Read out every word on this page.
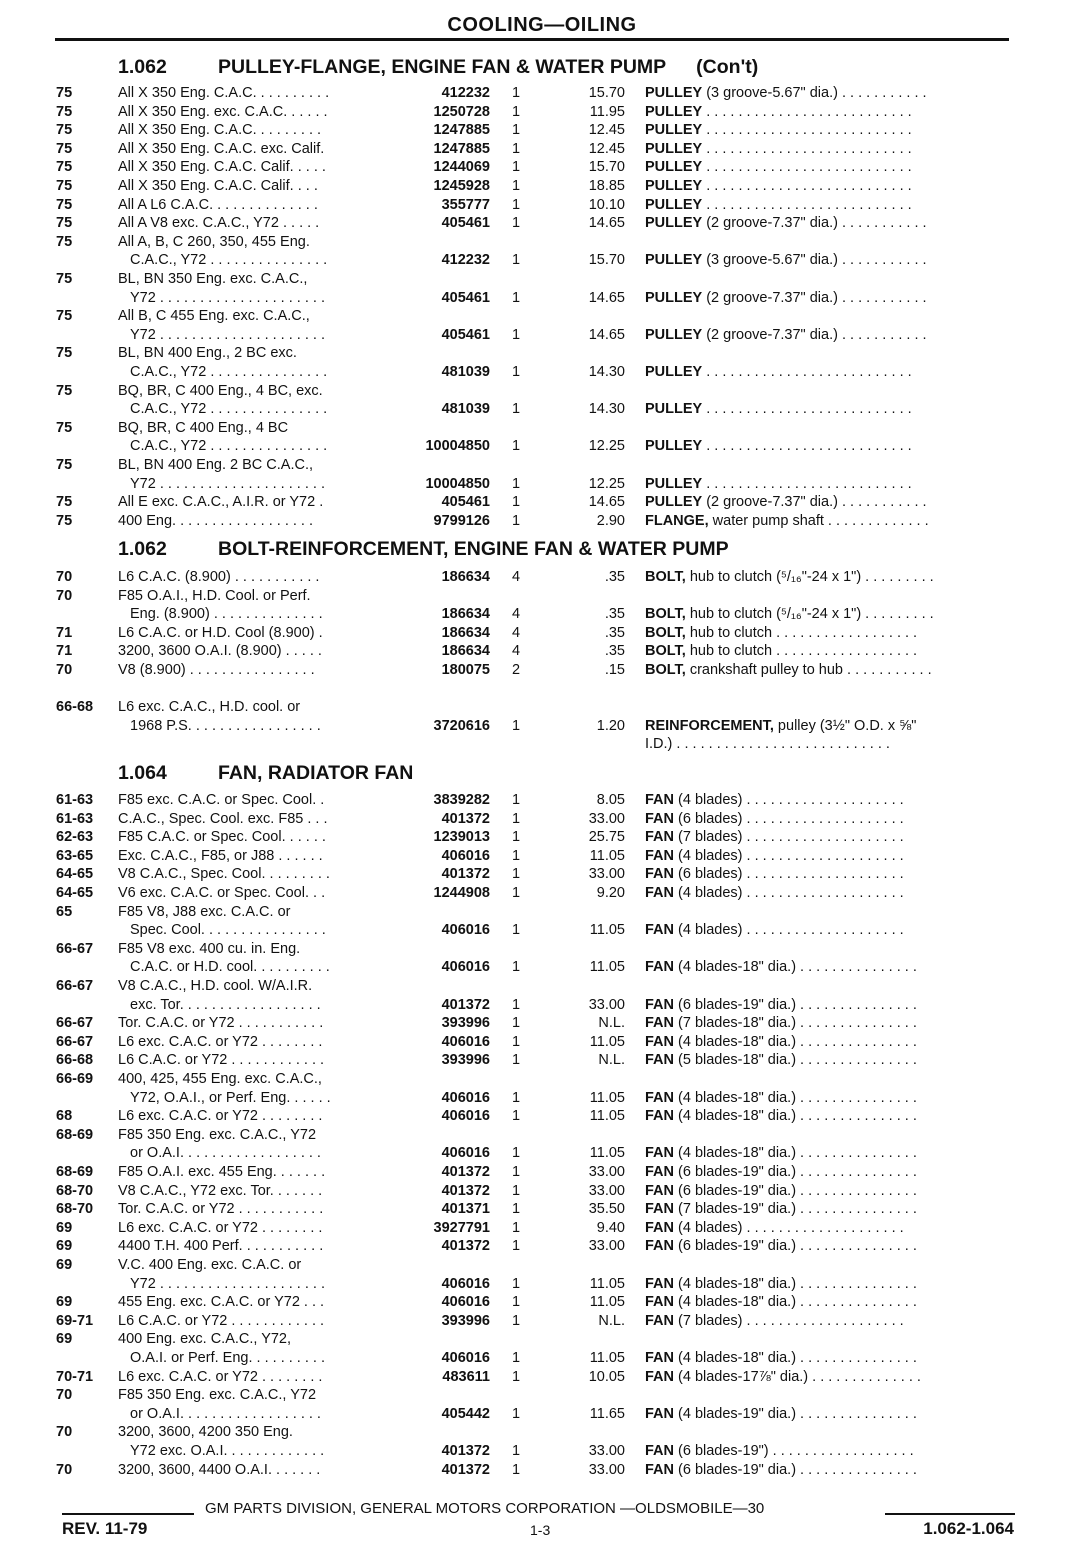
COOLING—OILING
1.062	PULLEY-FLANGE, ENGINE FAN & WATER PUMP (Con't)
75	All X 350 Eng. C.A.C. . . . . . . . . .	412232 1	15.70 PULLEY (3 groove-5.67" dia.) . . . . . . . . . . .
75	All X 350 Eng. exc. C.A.C. . . . . .	1250728 1	11.95 PULLEY . . . . . . . . . . . . . . . . . . . . . . . . . .
75	All X 350 Eng. C.A.C. . . . . . . . .	1247885 1	12.45 PULLEY . . . . . . . . . . . . . . . . . . . . . . . . . .
75	All X 350 Eng. C.A.C. exc. Calif.	1247885 1	12.45 PULLEY . . . . . . . . . . . . . . . . . . . . . . . . . .
75	All X 350 Eng. C.A.C. Calif. . . . .	1244069 1	15.70 PULLEY . . . . . . . . . . . . . . . . . . . . . . . . . .
75	All X 350 Eng. C.A.C. Calif. . . .	1245928 1	18.85 PULLEY . . . . . . . . . . . . . . . . . . . . . . . . . .
75	All A L6 C.A.C. . . . . . . . . . . . . .	355777 1	10.10 PULLEY . . . . . . . . . . . . . . . . . . . . . . . . . .
75	All A V8 exc. C.A.C., Y72 . . . . .	405461 1	14.65 PULLEY (2 groove-7.37" dia.) . . . . . . . . . . .
75	All A, B, C 260, 350, 455 Eng.
C.A.C., Y72 . . . . . . . . . . . . . . .	412232 1	15.70 PULLEY (3 groove-5.67" dia.) . . . . . . . . . . .
75	BL, BN 350 Eng. exc. C.A.C.,
Y72 . . . . . . . . . . . . . . . . . . . . .	405461 1	14.65 PULLEY (2 groove-7.37" dia.) . . . . . . . . . . .
75	All B, C 455 Eng. exc. C.A.C.,
Y72 . . . . . . . . . . . . . . . . . . . . .	405461 1	14.65 PULLEY (2 groove-7.37" dia.) . . . . . . . . . . .
75	BL, BN 400 Eng., 2 BC exc.
C.A.C., Y72 . . . . . . . . . . . . . . .	481039 1	14.30 PULLEY . . . . . . . . . . . . . . . . . . . . . . . . . .
75	BQ, BR, C 400 Eng., 4 BC, exc.
C.A.C., Y72 . . . . . . . . . . . . . . .	481039 1	14.30 PULLEY . . . . . . . . . . . . . . . . . . . . . . . . . .
75	BQ, BR, C 400 Eng., 4 BC
C.A.C., Y72 . . . . . . . . . . . . . . .	10004850 1	12.25 PULLEY . . . . . . . . . . . . . . . . . . . . . . . . . .
75	BL, BN 400 Eng. 2 BC C.A.C.,
Y72 . . . . . . . . . . . . . . . . . . . . .	10004850 1	12.25 PULLEY . . . . . . . . . . . . . . . . . . . . . . . . . .
75	All E exc. C.A.C., A.I.R. or Y72 .	405461 1	14.65 PULLEY (2 groove-7.37" dia.) . . . . . . . . . . .
75	400 Eng. . . . . . . . . . . . . . . . . .	9799126 1	2.90 FLANGE, water pump shaft . . . . . . . . . . . . .
1.062	BOLT-REINFORCEMENT, ENGINE FAN & WATER PUMP
70	L6 C.A.C. (8.900) . . . . . . . . . . .	186634 4	.35 BOLT, hub to clutch (⁵/₁₆"-24 x 1") . . . . . . . . .
70	F85 O.A.I., H.D. Cool. or Perf.
Eng. (8.900) . . . . . . . . . . . . . .	186634 4	.35 BOLT, hub to clutch (⁵/₁₆"-24 x 1") . . . . . . . . .
71	L6 C.A.C. or H.D. Cool (8.900) .	186634 4	.35 BOLT, hub to clutch . . . . . . . . . . . . . . . . . .
71	3200, 3600 O.A.I. (8.900) . . . . .	186634 4	.35 BOLT, hub to clutch . . . . . . . . . . . . . . . . . .
70	V8 (8.900) . . . . . . . . . . . . . . . .	180075 2	.15 BOLT, crankshaft pulley to hub . . . . . . . . . . .
66-68 L6 exc. C.A.C., H.D. cool. or
1968 P.S. . . . . . . . . . . . . . . . .	3720616 1	1.20 REINFORCEMENT, pulley (3½" O.D. x ⅝"
I.D.) . . . . . . . . . . . . . . . . . . . . . . . . . . .
1.064	FAN, RADIATOR FAN
61-63 F85 exc. C.A.C. or Spec. Cool. .	3839282 1	8.05 FAN (4 blades) . . . . . . . . . . . . . . . . . . . .
61-63 C.A.C., Spec. Cool. exc. F85 . . .	401372 1	33.00 FAN (6 blades) . . . . . . . . . . . . . . . . . . . .
62-63 F85 C.A.C. or Spec. Cool. . . . . .	1239013 1	25.75 FAN (7 blades) . . . . . . . . . . . . . . . . . . . .
63-65 Exc. C.A.C., F85, or J88 . . . . . .	406016 1	11.05 FAN (4 blades) . . . . . . . . . . . . . . . . . . . .
64-65 V8 C.A.C., Spec. Cool. . . . . . . . .	401372 1	33.00 FAN (6 blades) . . . . . . . . . . . . . . . . . . . .
64-65 V6 exc. C.A.C. or Spec. Cool. . .	1244908 1	9.20 FAN (4 blades) . . . . . . . . . . . . . . . . . . . .
65	F85 V8, J88 exc. C.A.C. or
Spec. Cool. . . . . . . . . . . . . . . .	406016 1	11.05 FAN (4 blades) . . . . . . . . . . . . . . . . . . . .
66-67 F85 V8 exc. 400 cu. in. Eng.
C.A.C. or H.D. cool. . . . . . . . . .	406016 1	11.05 FAN (4 blades-18" dia.) . . . . . . . . . . . . . . .
66-67 V8 C.A.C., H.D. cool. W/A.I.R.
exc. Tor. . . . . . . . . . . . . . . . . .	401372 1	33.00 FAN (6 blades-19" dia.) . . . . . . . . . . . . . . .
66-67 Tor. C.A.C. or Y72 . . . . . . . . . . .	393996 1	N.L. FAN (7 blades-18" dia.) . . . . . . . . . . . . . . .
66-67 L6 exc. C.A.C. or Y72 . . . . . . . .	406016 1	11.05 FAN (4 blades-18" dia.) . . . . . . . . . . . . . . .
66-68 L6 C.A.C. or Y72 . . . . . . . . . . . .	393996 1	N.L. FAN (5 blades-18" dia.) . . . . . . . . . . . . . . .
66-69 400, 425, 455 Eng. exc. C.A.C.,
Y72, O.A.I., or Perf. Eng. . . . . .	406016 1	11.05 FAN (4 blades-18" dia.) . . . . . . . . . . . . . . .
68	L6 exc. C.A.C. or Y72 . . . . . . . .	406016 1	11.05 FAN (4 blades-18" dia.) . . . . . . . . . . . . . . .
68-69 F85 350 Eng. exc. C.A.C., Y72
or O.A.I. . . . . . . . . . . . . . . . . .	406016 1	11.05 FAN (4 blades-18" dia.) . . . . . . . . . . . . . . .
68-69 F85 O.A.I. exc. 455 Eng. . . . . . .	401372 1	33.00 FAN (6 blades-19" dia.) . . . . . . . . . . . . . . .
68-70 V8 C.A.C., Y72 exc. Tor. . . . . . .	401372 1	33.00 FAN (6 blades-19" dia.) . . . . . . . . . . . . . . .
68-70 Tor. C.A.C. or Y72 . . . . . . . . . . .	401371 1	35.50 FAN (7 blades-19" dia.) . . . . . . . . . . . . . . .
69	L6 exc. C.A.C. or Y72 . . . . . . . .	3927791 1	9.40 FAN (4 blades) . . . . . . . . . . . . . . . . . . . .
69	4400 T.H. 400 Perf. . . . . . . . . . .	401372 1	33.00 FAN (6 blades-19" dia.) . . . . . . . . . . . . . . .
69	V.C. 400 Eng. exc. C.A.C. or
Y72 . . . . . . . . . . . . . . . . . . . . .	406016 1	11.05 FAN (4 blades-18" dia.) . . . . . . . . . . . . . . .
69	455 Eng. exc. C.A.C. or Y72 . . .	406016 1	11.05 FAN (4 blades-18" dia.) . . . . . . . . . . . . . . .
69-71 L6 C.A.C. or Y72 . . . . . . . . . . . .	393996 1	N.L. FAN (7 blades) . . . . . . . . . . . . . . . . . . . .
69	400 Eng. exc. C.A.C., Y72,
O.A.I. or Perf. Eng. . . . . . . . . .	406016 1	11.05 FAN (4 blades-18" dia.) . . . . . . . . . . . . . . .
70-71 L6 exc. C.A.C. or Y72 . . . . . . . .	483611 1	10.05 FAN (4 blades-17⅞" dia.) . . . . . . . . . . . . . .
70	F85 350 Eng. exc. C.A.C., Y72
or O.A.I. . . . . . . . . . . . . . . . . .	405442 1	11.65 FAN (4 blades-19" dia.) . . . . . . . . . . . . . . .
70	3200, 3600, 4200 350 Eng.
Y72 exc. O.A.I. . . . . . . . . . . . .	401372 1	33.00 FAN (6 blades-19") . . . . . . . . . . . . . . . . . .
70	3200, 3600, 4400 O.A.I. . . . . . .	401372 1	33.00 FAN (6 blades-19" dia.) . . . . . . . . . . . . . . .
GM PARTS DIVISION, GENERAL MOTORS CORPORATION —OLDSMOBILE—30
REV. 11-79	1-3	1.062-1.064
